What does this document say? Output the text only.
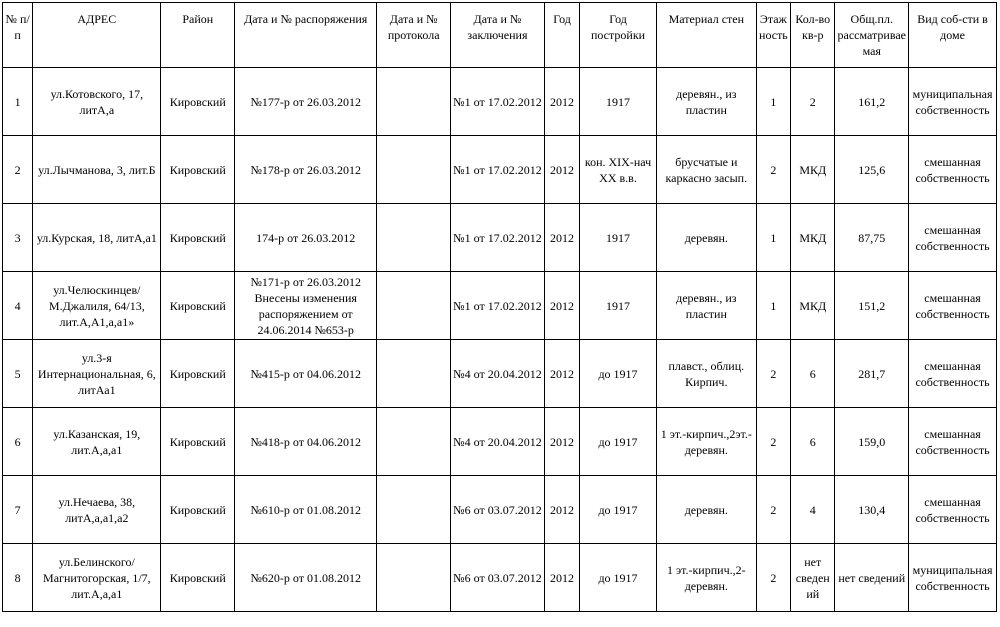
№ п/п	АДРЕС	Район	Дата и № распоряжения	Дата и № протокола	Дата и № заключения	Год	Год постройки	Материал стен	Этажность	Кол-во кв-р	Общ.пл. рассматриваемая	Вид соб-сти в доме
1	ул.Котовского, 17, литА,а	Кировский	№177-р от 26.03.2012		№1 от 17.02.2012	2012	1917	деревян., из пластин	1	2	161,2	муниципальная собственность
2	ул.Лычманова, 3, лит.Б	Кировский	№178-р от 26.03.2012		№1 от 17.02.2012	2012	кон. XIX-нач XX в.в.	брусчатые и каркасно засып.	2	МКД	125,6	смешанная собственность
3	ул.Курская, 18, литА,а1	Кировский	174-р от 26.03.2012		№1 от 17.02.2012	2012	1917	деревян.	1	МКД	87,75	смешанная собственность
4	ул.Челюскинцев/М.Джалиля, 64/13, лит.А,А1,а,а1»	Кировский	№171-р от 26.03.2012 Внесены изменения распоряжением от 24.06.2014 №653-р		№1 от 17.02.2012	2012	1917	деревян., из пластин	1	МКД	151,2	смешанная собственность
5	ул.3-я Интернациональная, 6, литАа1	Кировский	№415-р от 04.06.2012		№4 от 20.04.2012	2012	до 1917	плавст., облиц. Кирпич.	2	6	281,7	смешанная собственность
6	ул.Казанская, 19, лит.А,а,а1	Кировский	№418-р от 04.06.2012		№4 от 20.04.2012	2012	до 1917	1 эт.-кирпич.,2эт.-деревян.	2	6	159,0	смешанная собственность
7	ул.Нечаева, 38, литА,а,а1,а2	Кировский	№610-р от 01.08.2012		№6 от 03.07.2012	2012	до 1917	деревян.	2	4	130,4	смешанная собственность
8	ул.Белинского/Магнитогорская, 1/7, лит.А,а,а1	Кировский	№620-р от 01.08.2012		№6 от 03.07.2012	2012	до 1917	1 эт.-кирпич.,2-деревян.	2	нет сведений	нет сведений	муниципальная собственность
